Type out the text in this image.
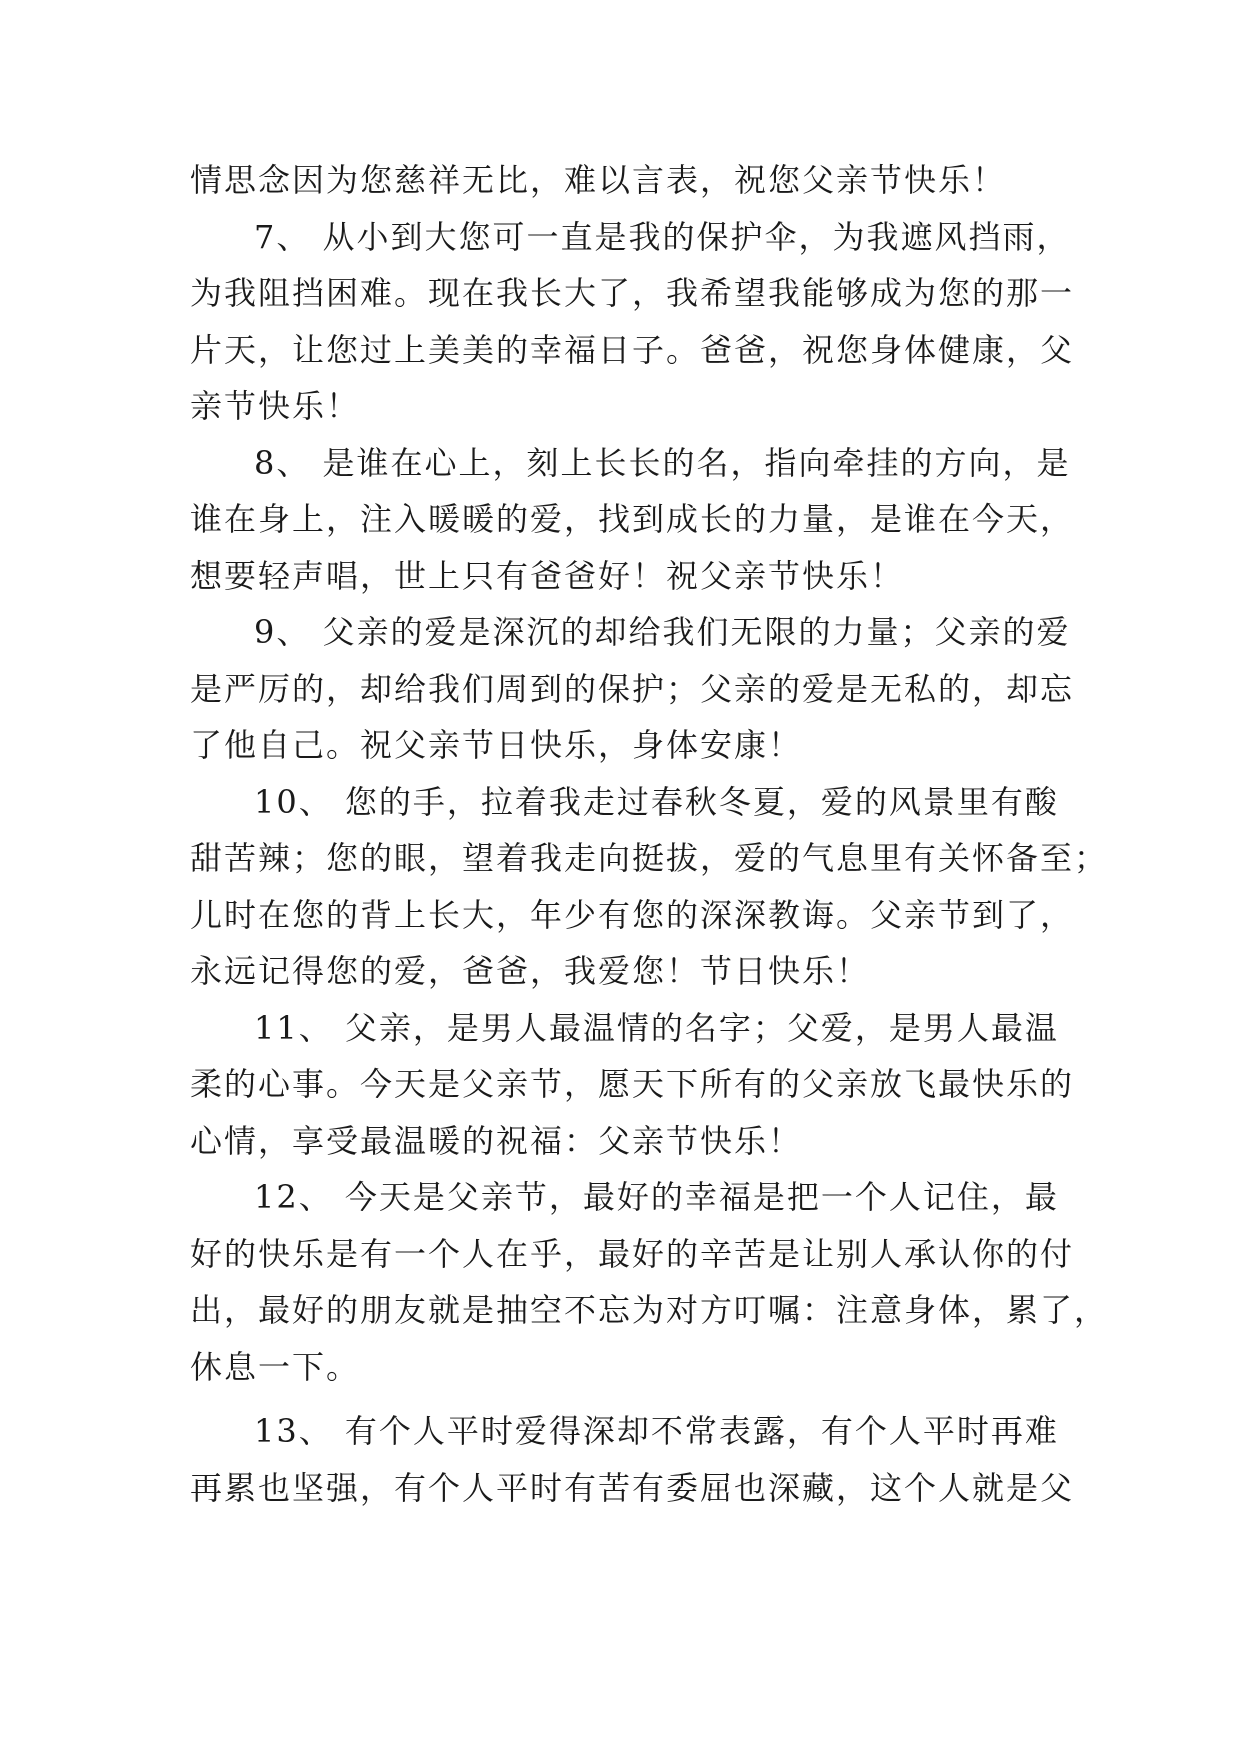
情思念因为您慈祥无比，难以言表，祝您父亲节快乐！
7、 从小到大您可一直是我的保护伞，为我遮风挡雨，
为我阻挡困难。现在我长大了，我希望我能够成为您的那一
片天，让您过上美美的幸福日子。爸爸，祝您身体健康，父
亲节快乐！
8、 是谁在心上，刻上长长的名，指向牵挂的方向，是
谁在身上，注入暖暖的爱，找到成长的力量，是谁在今天，
想要轻声唱，世上只有爸爸好！祝父亲节快乐！
9、 父亲的爱是深沉的却给我们无限的力量；父亲的爱
是严厉的，却给我们周到的保护；父亲的爱是无私的，却忘
了他自己。祝父亲节日快乐，身体安康！
10、 您的手，拉着我走过春秋冬夏，爱的风景里有酸
甜苦辣；您的眼，望着我走向挺拔，爱的气息里有关怀备至；
儿时在您的背上长大，年少有您的深深教诲。父亲节到了，
永远记得您的爱，爸爸，我爱您！节日快乐！
11、 父亲，是男人最温情的名字；父爱，是男人最温
柔的心事。今天是父亲节，愿天下所有的父亲放飞最快乐的
心情，享受最温暖的祝福：父亲节快乐！
12、 今天是父亲节，最好的幸福是把一个人记住，最
好的快乐是有一个人在乎，最好的辛苦是让别人承认你的付
出，最好的朋友就是抽空不忘为对方叮嘱：注意身体，累了，
休息一下。
13、 有个人平时爱得深却不常表露，有个人平时再难
再累也坚强，有个人平时有苦有委屈也深藏，这个人就是父
